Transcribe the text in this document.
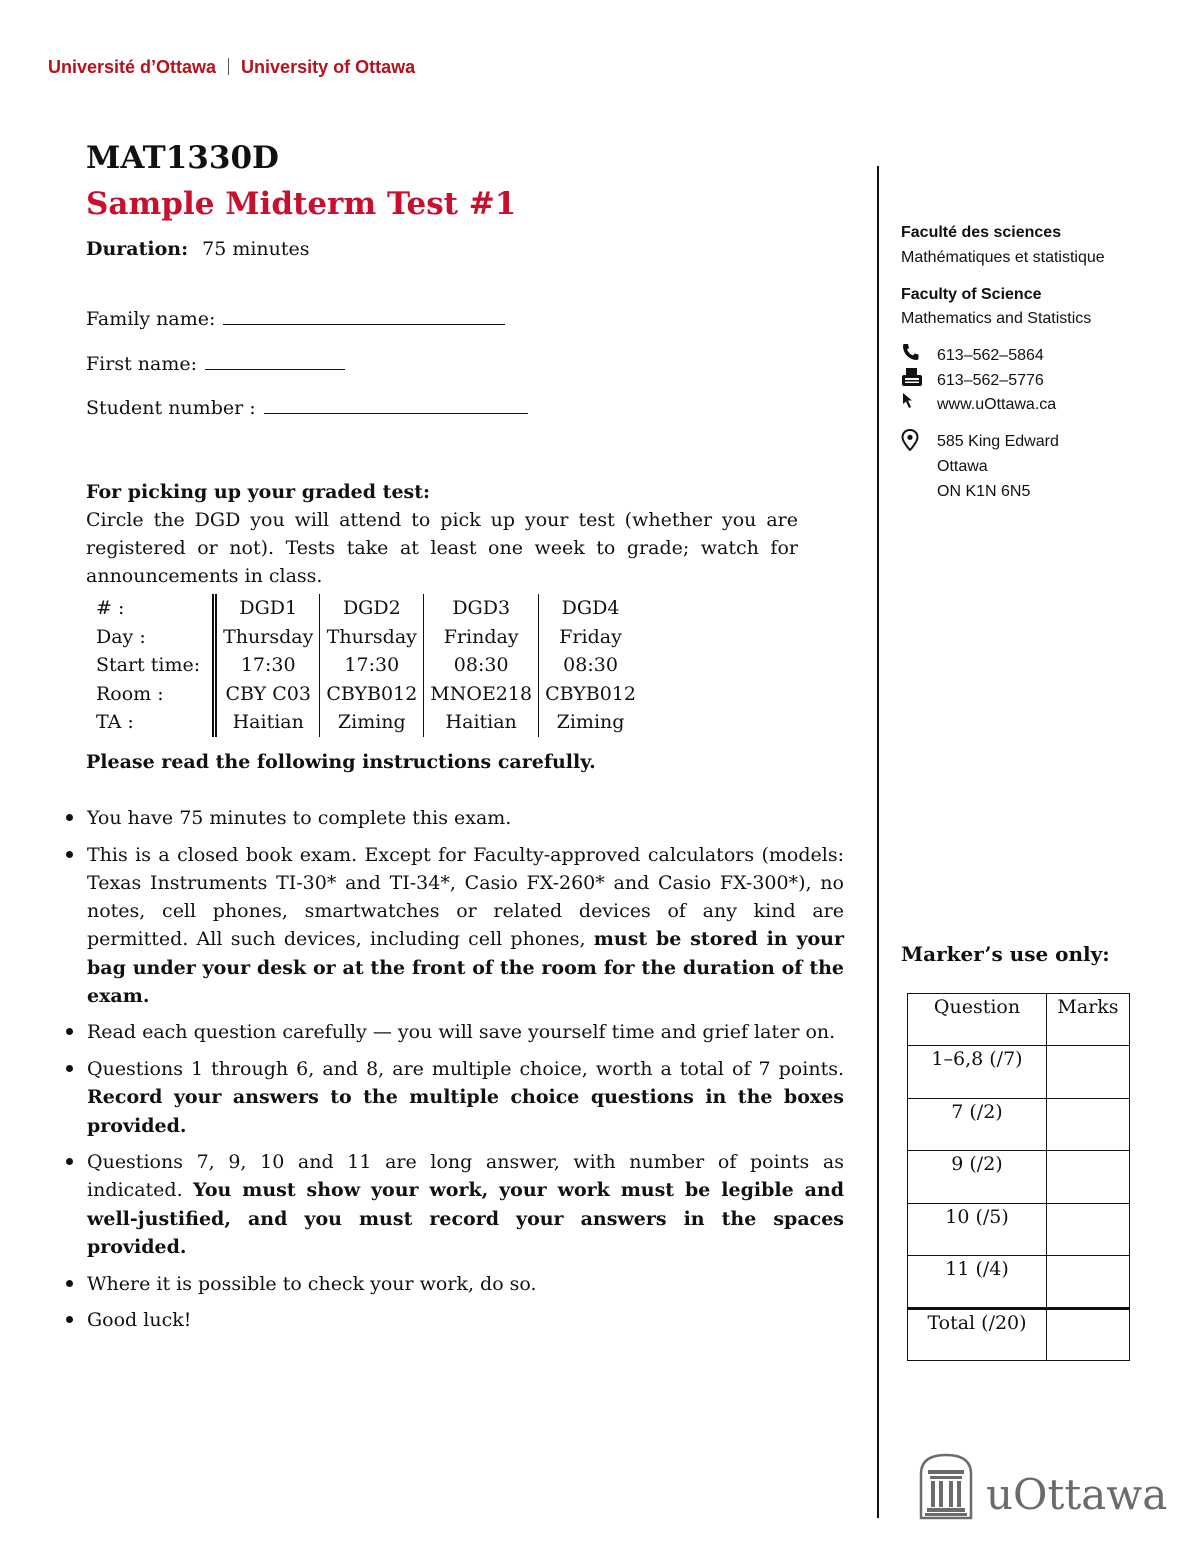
Université d’Ottawa University of Ottawa
MAT1330D
Sample Midterm Test #1
Duration: 75 minutes
Family name:
First name:
Student number :
For picking up your graded test:
Circle the DGD you will attend to pick up your test (whether you are registered or not). Tests take at least one week to grade; watch for announcements in class.
# :	DGD1	DGD2	DGD3	DGD4
Day :	Thursday	Thursday	Frinday	Friday
Start time:	17:30	17:30	08:30	08:30
Room :	CBY C03	CBYB012	MNOE218	CBYB012
TA :	Haitian	Ziming	Haitian	Ziming
Please read the following instructions carefully.
You have 75 minutes to complete this exam.
This is a closed book exam. Except for Faculty-approved calculators (models: Texas Instruments TI-30* and TI-34*, Casio FX-260* and Casio FX-300*), no notes, cell phones, smartwatches or related devices of any kind are permitted. All such devices, including cell phones, must be stored in your bag under your desk or at the front of the room for the duration of the exam.
Read each question carefully — you will save yourself time and grief later on.
Questions 1 through 6, and 8, are multiple choice, worth a total of 7 points. Record your answers to the multiple choice questions in the boxes provided.
Questions 7, 9, 10 and 11 are long answer, with number of points as indicated. You must show your work, your work must be legible and well-justified, and you must record your answers in the spaces provided.
Where it is possible to check your work, do so.
Good luck!
Faculté des sciences
Mathématiques et statistique
Faculty of Science
Mathematics and Statistics
613–562–5864
613–562–5776
www.uOttawa.ca
585 King Edward
Ottawa
ON K1N 6N5
Marker’s use only:
Question	Marks
1–6,8 (/7)	
7 (/2)	
9 (/2)	
10 (/5)	
11 (/4)	
Total (/20)	
uOttawa
